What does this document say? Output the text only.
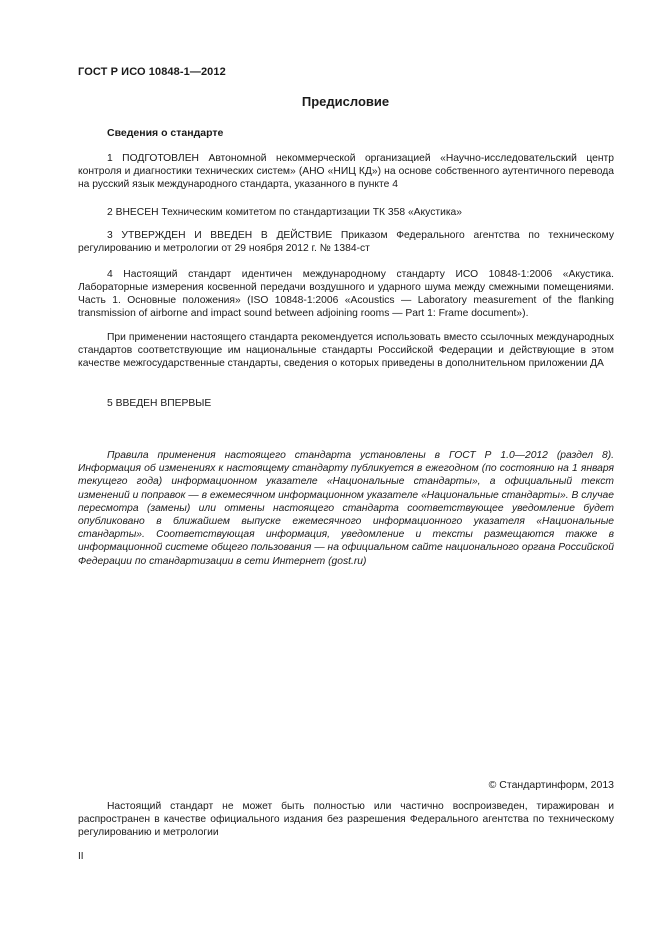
ГОСТ Р ИСО 10848-1—2012
Предисловие
Сведения о стандарте

1 ПОДГОТОВЛЕН Автономной некоммерческой организацией «Научно-исследовательский центр контроля и диагностики технических систем» (АНО «НИЦ КД») на основе собственного аутентичного перевода на русский язык международного стандарта, указанного в пункте 4

2 ВНЕСЕН Техническим комитетом по стандартизации ТК 358 «Акустика»

3 УТВЕРЖДЕН И ВВЕДЕН В ДЕЙСТВИЕ Приказом Федерального агентства по техническому регулированию и метрологии от 29 ноября 2012 г. № 1384-ст

4 Настоящий стандарт идентичен международному стандарту ИСО 10848-1:2006 «Акустика. Лабораторные измерения косвенной передачи воздушного и ударного шума между смежными помещениями. Часть 1. Основные положения» (ISO 10848-1:2006 «Acoustics — Laboratory measurement of the flanking transmission of airborne and impact sound between adjoining rooms — Part 1: Frame document»).

При применении настоящего стандарта рекомендуется использовать вместо ссылочных международных стандартов соответствующие им национальные стандарты Российской Федерации и действующие в этом качестве межгосударственные стандарты, сведения о которых приведены в дополнительном приложении ДА

5 ВВЕДЕН ВПЕРВЫЕ

Правила применения настоящего стандарта установлены в ГОСТ Р 1.0—2012 (раздел 8). Информация об изменениях к настоящему стандарту публикуется в ежегодном (по состоянию на 1 января текущего года) информационном указателе «Национальные стандарты», а официальный текст изменений и поправок — в ежемесячном информационном указателе «Национальные стандарты». В случае пересмотра (замены) или отмены настоящего стандарта соответствующее уведомление будет опубликовано в ближайшем выпуске ежемесячного информационного указателя «Национальные стандарты». Соответствующая информация, уведомление и тексты размещаются также в информационной системе общего пользования — на официальном сайте национального органа Российской Федерации по стандартизации в сети Интернет (gost.ru)

© Стандартинформ, 2013

Настоящий стандарт не может быть полностью или частично воспроизведен, тиражирован и распространен в качестве официального издания без разрешения Федерального агентства по техническому регулированию и метрологии

II
